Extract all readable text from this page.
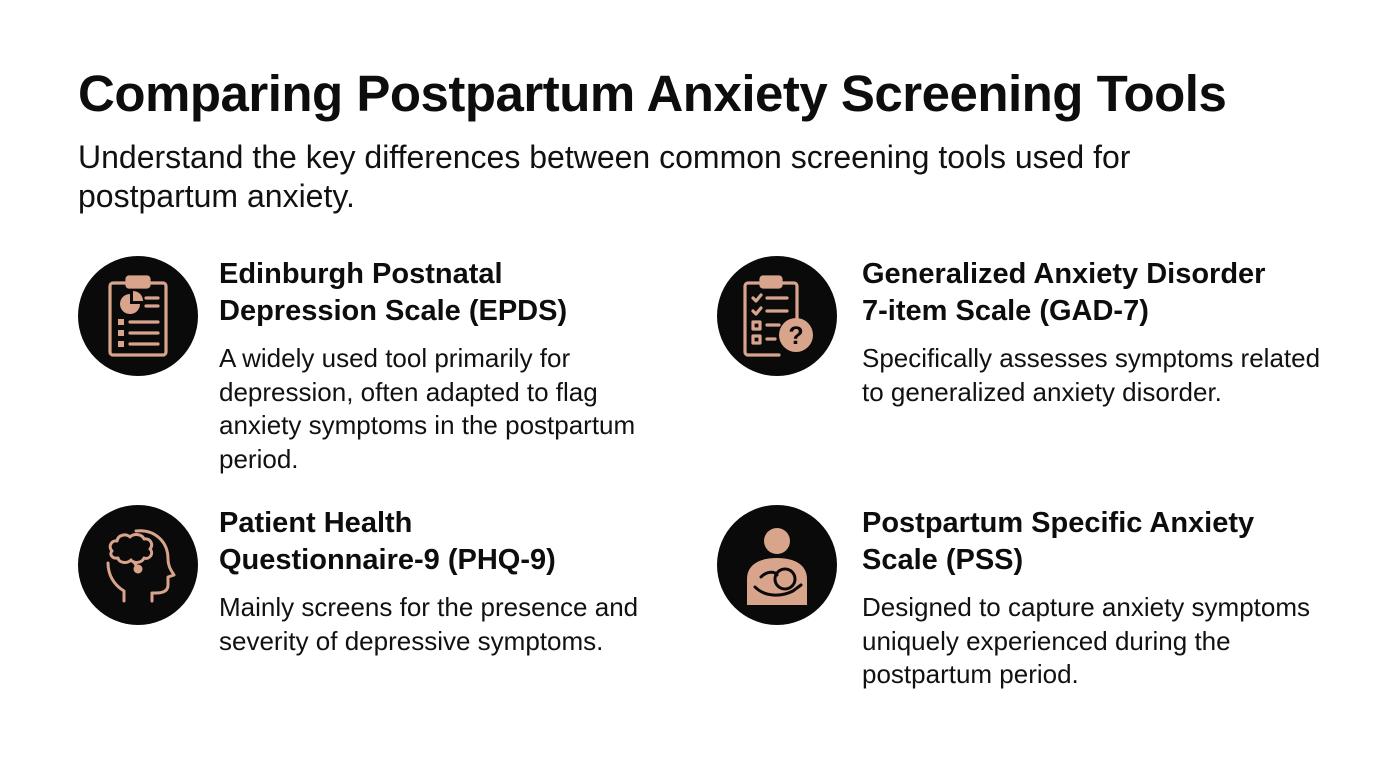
Comparing Postpartum Anxiety Screening Tools

Understand the key differences between common screening tools used for postpartum anxiety.

Edinburgh Postnatal
Depression Scale (EPDS)

A widely used tool primarily for depression, often adapted to flag anxiety symptoms in the postpartum period.

?
Generalized Anxiety Disorder
7-item Scale (GAD-7)

Specifically assesses symptoms related to generalized anxiety disorder.

Patient Health
Questionnaire-9 (PHQ-9)

Mainly screens for the presence and severity of depressive symptoms.

Postpartum Specific Anxiety
Scale (PSS)

Designed to capture anxiety symptoms uniquely experienced during the postpartum period.
